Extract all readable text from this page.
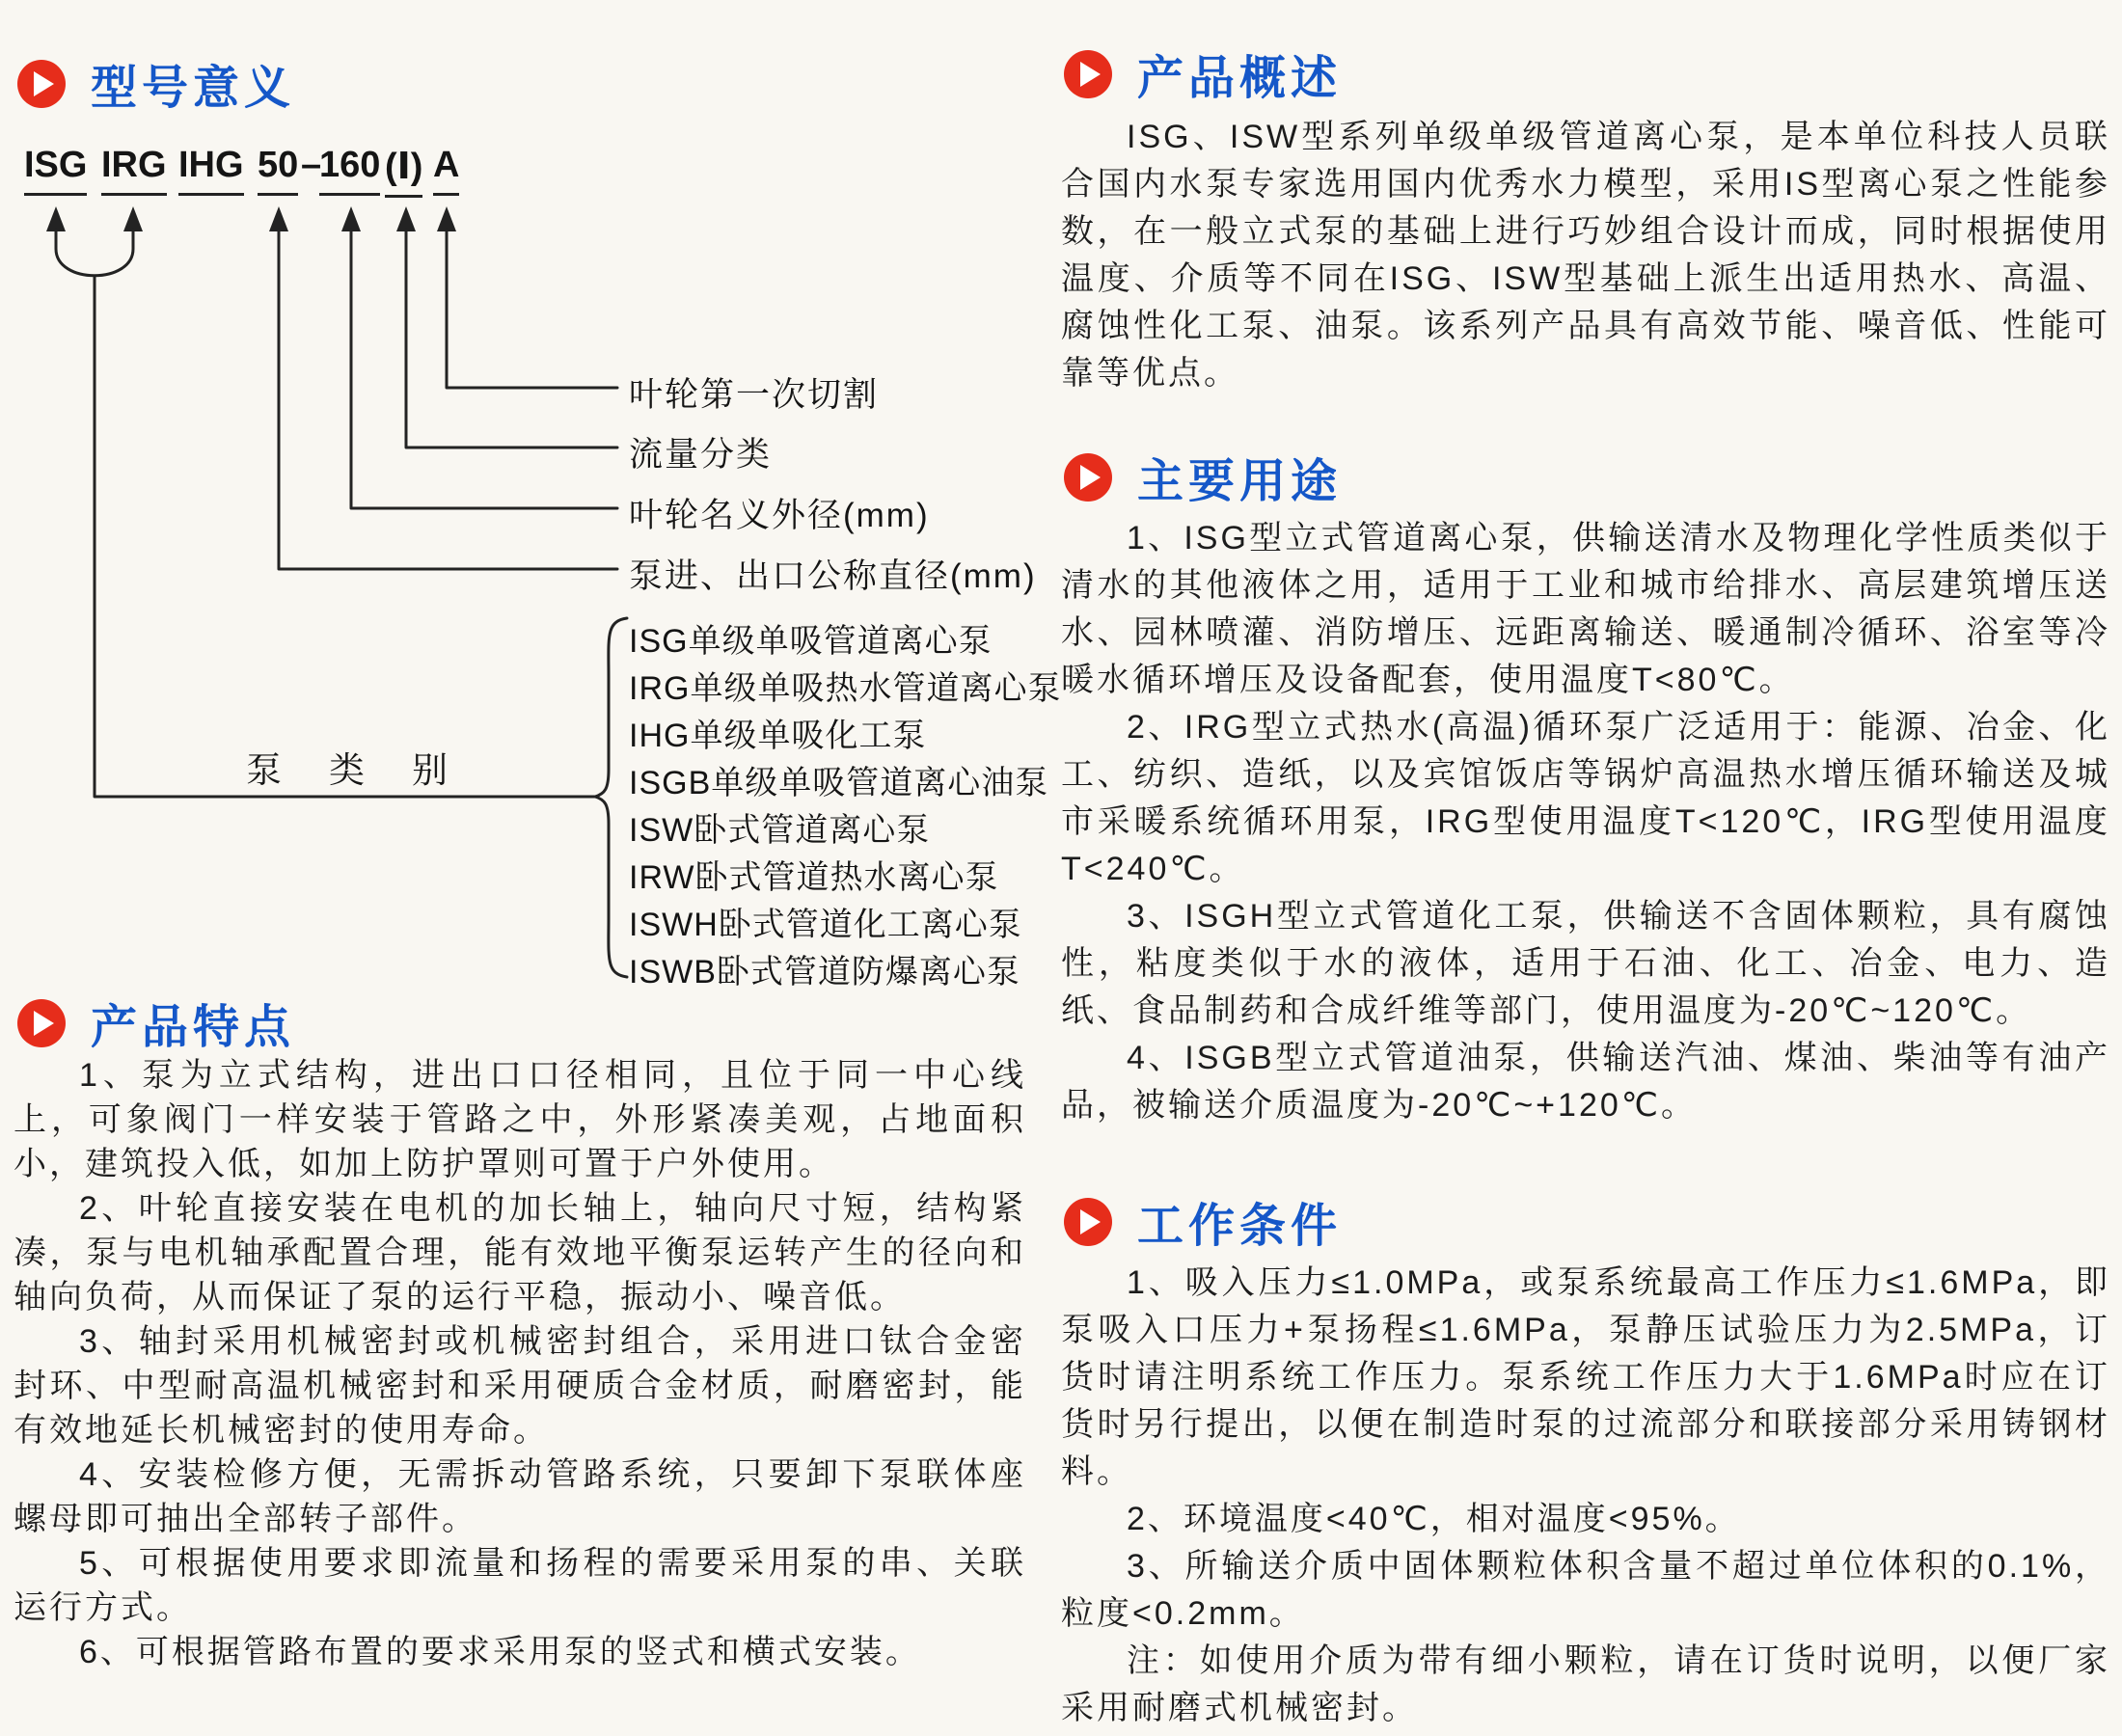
型号意义
ISG IRG IHG 50 –
160 (Ⅰ) A
叶轮第一次切割
流量分类
叶轮名义外径(mm)
泵进、出口公称直径(mm)
泵　类　别
ISG单级单吸管道离心泵
IRG单级单吸热水管道离心泵
IHG单级单吸化工泵
ISGB单级单吸管道离心油泵
ISW卧式管道离心泵
IRW卧式管道热水离心泵
ISWH卧式管道化工离心泵
ISWB卧式管道防爆离心泵
产品特点

1、泵为立式结构，进出口口径相同，且位于同一中心线上，可象阀门一样安装于管路之中，外形紧凑美观，占地面积小，建筑投入低，如加上防护罩则可置于户外使用。

2、叶轮直接安装在电机的加长轴上，轴向尺寸短，结构紧凑，泵与电机轴承配置合理，能有效地平衡泵运转产生的径向和轴向负荷，从而保证了泵的运行平稳，振动小、噪音低。

3、轴封采用机械密封或机械密封组合，采用进口钛合金密封环、中型耐高温机械密封和采用硬质合金材质，耐磨密封，能有效地延长机械密封的使用寿命。

4、安装检修方便，无需拆动管路系统，只要卸下泵联体座螺母即可抽出全部转子部件。

5、可根据使用要求即流量和扬程的需要采用泵的串、关联运行方式。

6、可根据管路布置的要求采用泵的竖式和横式安装。

产品概述

ISG、ISW型系列单级单级管道离心泵，是本单位科技人员联合国内水泵专家选用国内优秀水力模型，采用IS型离心泵之性能参数，在一般立式泵的基础上进行巧妙组合设计而成，同时根据使用温度、介质等不同在ISG、ISW型基础上派生出适用热水、高温、腐蚀性化工泵、油泵。该系列产品具有高效节能、噪音低、性能可靠等优点。

主要用途

1、ISG型立式管道离心泵，供输送清水及物理化学性质类似于清水的其他液体之用，适用于工业和城市给排水、高层建筑增压送水、园林喷灌、消防增压、远距离输送、暖通制冷循环、浴室等冷暖水循环增压及设备配套，使用温度T<80℃。

2、IRG型立式热水(高温)循环泵广泛适用于：能源、冶金、化工、纺织、造纸，以及宾馆饭店等锅炉高温热水增压循环输送及城市采暖系统循环用泵，IRG型使用温度T<120℃，IRG型使用温度T<240℃。

3、ISGH型立式管道化工泵，供输送不含固体颗粒，具有腐蚀性，粘度类似于水的液体，适用于石油、化工、冶金、电力、造纸、食品制药和合成纤维等部门，使用温度为-20℃~120℃。

4、ISGB型立式管道油泵，供输送汽油、煤油、柴油等有油产品，被输送介质温度为-20℃~+120℃。

工作条件

1、吸入压力≤1.0MPa，或泵系统最高工作压力≤1.6MPa，即泵吸入口压力+泵扬程≤1.6MPa，泵静压试验压力为2.5MPa，订货时请注明系统工作压力。泵系统工作压力大于1.6MPa时应在订货时另行提出，以便在制造时泵的过流部分和联接部分采用铸钢材料。

2、环境温度<40℃，相对温度<95%。

3、所输送介质中固体颗粒体积含量不超过单位体积的0.1%，粒度<0.2mm。

注：如使用介质为带有细小颗粒，请在订货时说明，以便厂家采用耐磨式机械密封。
